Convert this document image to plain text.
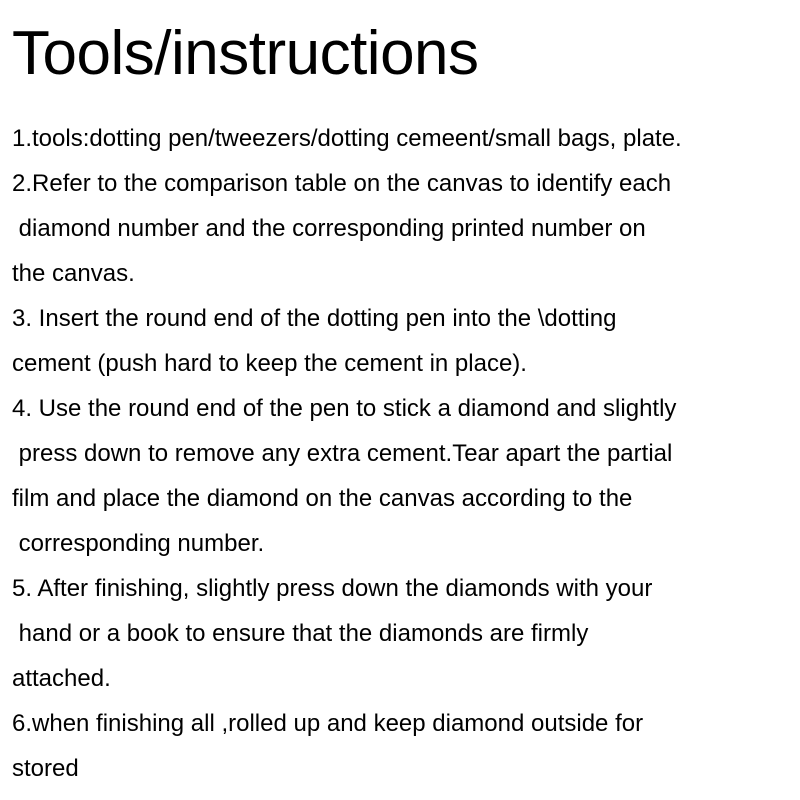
Tools/instructions
1.tools:dotting pen/tweezers/dotting cemeent/small bags, plate.
2.Refer to the comparison table on the canvas to identify each
diamond number and the corresponding printed number on
the canvas.
3. Insert the round end of the dotting pen into the \dotting
cement (push hard to keep the cement in place).
4. Use the round end of the pen to stick a diamond and slightly
press down to remove any extra cement.Tear apart the partial
film and place the diamond on the canvas according to the
corresponding number.
5. After finishing, slightly press down the diamonds with your
hand or a book to ensure that the diamonds are firmly
attached.
6.when finishing all ,rolled up and keep diamond outside for
stored
